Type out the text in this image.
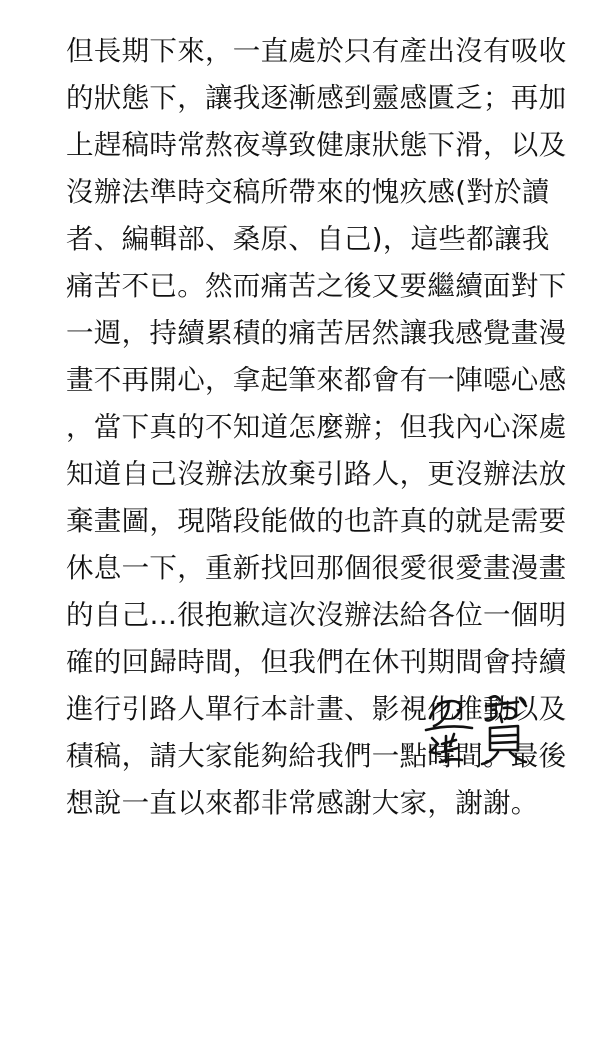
但長期下來，一直處於只有產出沒有吸收
的狀態下，讓我逐漸感到靈感匱乏；再加
上趕稿時常熬夜導致健康狀態下滑，以及
沒辦法準時交稿所帶來的愧疚感(對於讀
者、編輯部、桑原、自己)，這些都讓我
痛苦不已。然而痛苦之後又要繼續面對下
一週，持續累積的痛苦居然讓我感覺畫漫
畫不再開心，拿起筆來都會有一陣噁心感
，當下真的不知道怎麼辦；但我內心深處
知道自己沒辦法放棄引路人，更沒辦法放
棄畫圖，現階段能做的也許真的就是需要
休息一下，重新找回那個很愛很愛畫漫畫
的自己…很抱歉這次沒辦法給各位一個明
確的回歸時間，但我們在休刊期間會持續
進行引路人單行本計畫、影視化推動以及
積稿，請大家能夠給我們一點時間。最後
想說一直以來都非常感謝大家，謝謝。
